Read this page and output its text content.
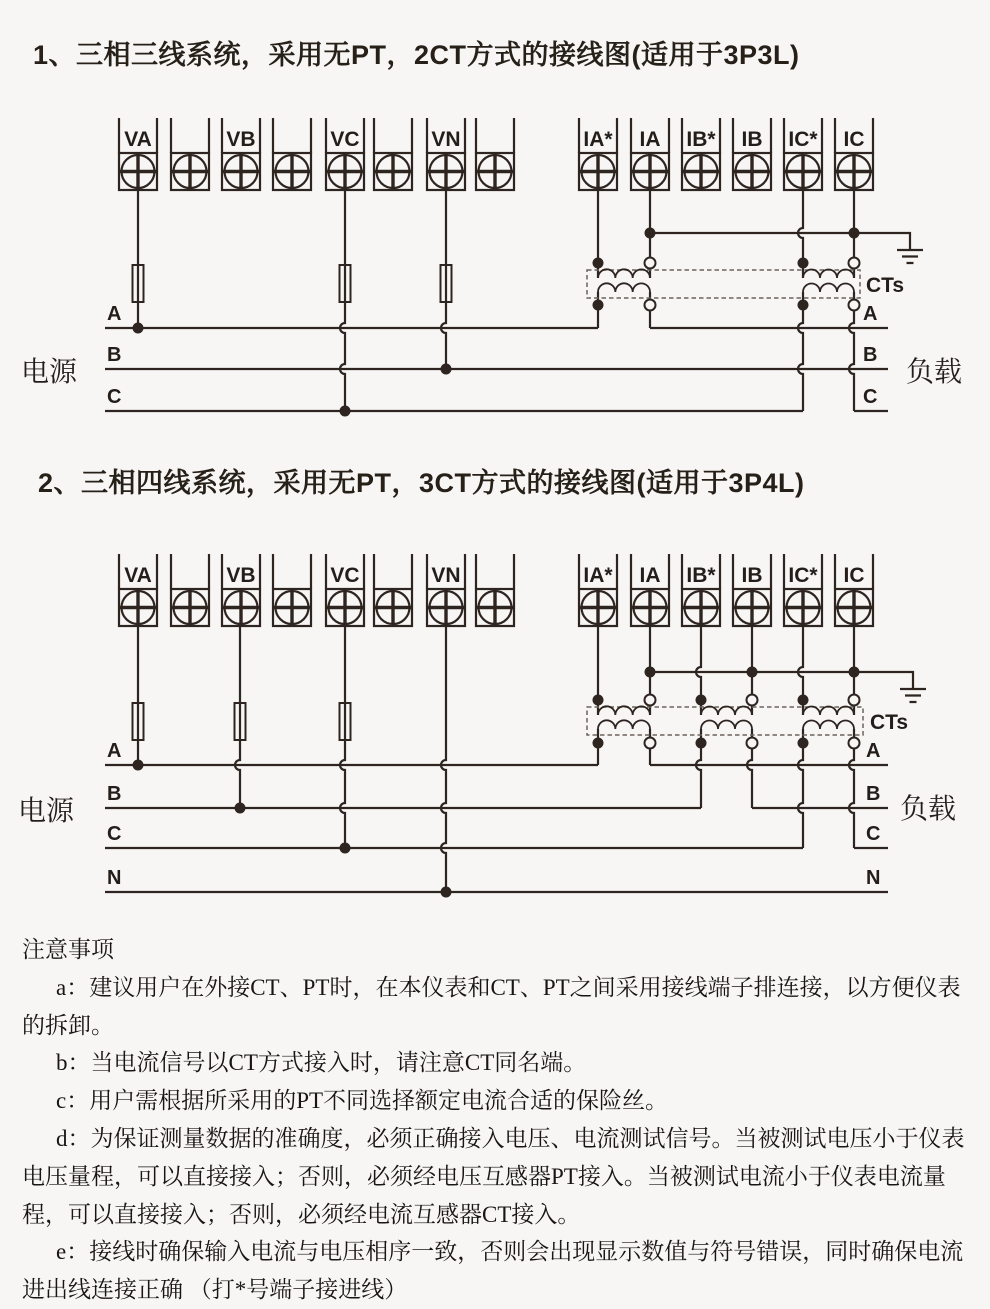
1、三相三线系统，采用无PT，2CT方式的接线图(适用于3P3L)
VA	VB	VC	VN	IA* IA IB* IB IC* IC
CTs
A
B
C
A
B
C
电源	负载
2、三相四线系统，采用无PT，3CT方式的接线图(适用于3P4L)
VA	VB	VC	VN	IA* IA IB* IB IC* IC
CTs
A
B
C
N
A
B
C
N
电源	负载

注意事项

a：建议用户在外接CT、PT时，在本仪表和CT、PT之间采用接线端子排连接，以方便仪表的拆卸。

b：当电流信号以CT方式接入时，请注意CT同名端。

c：用户需根据所采用的PT不同选择额定电流合适的保险丝。

d：为保证测量数据的准确度，必须正确接入电压、电流测试信号。当被测试电压小于仪表电压量程，可以直接接入；否则，必须经电压互感器PT接入。当被测试电流小于仪表电流量程，可以直接接入；否则，必须经电流互感器CT接入。

e：接线时确保输入电流与电压相序一致，否则会出现显示数值与符号错误，同时确保电流进出线连接正确 （打*号端子接进线）
